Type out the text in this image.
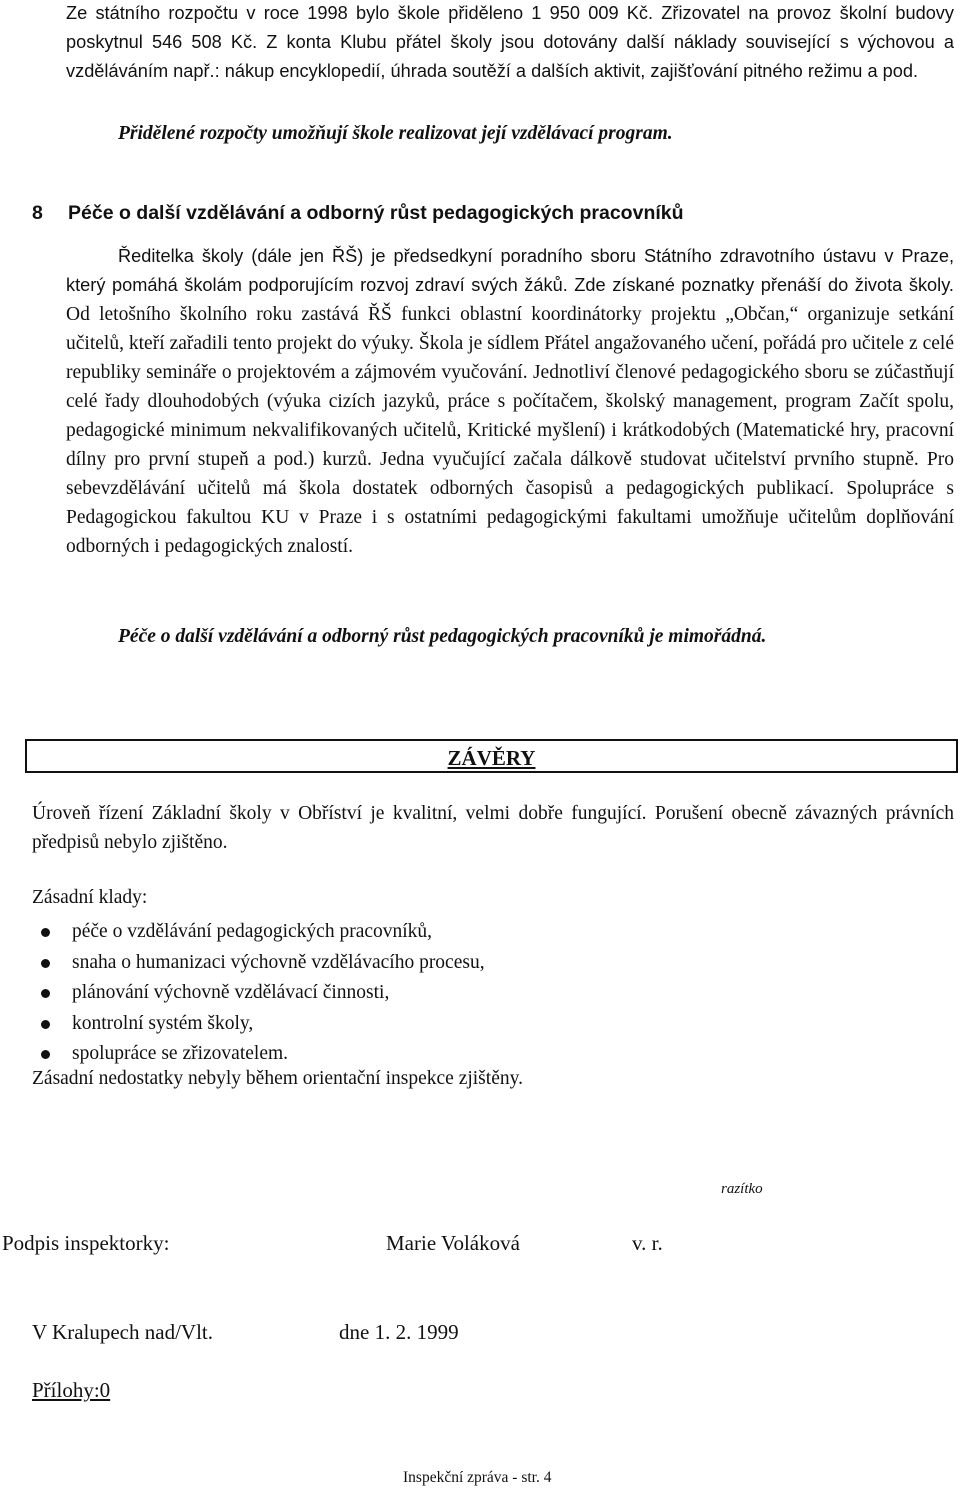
Ze státního rozpočtu v roce 1998 bylo škole přiděleno 1 950 009 Kč. Zřizovatel na provoz školní budovy poskytnul 546 508 Kč. Z konta Klubu přátel školy jsou dotovány další náklady související s výchovou a vzděláváním např.: nákup encyklopedií, úhrada soutěží a dalších aktivit, zajišťování pitného režimu a pod.

Přidělené rozpočty umožňují škole realizovat její vzdělávací program.

8 Péče o další vzdělávání a odborný růst pedagogických pracovníků
Ředitelka školy (dále jen ŘŠ) je předsedkyní poradního sboru Státního zdravotního ústavu v Praze, který pomáhá školám podporujícím rozvoj zdraví svých žáků. Zde získané poznatky přenáší do života školy. Od letošního školního roku zastává ŘŠ funkci oblastní koordinátorky projektu „Občan,“ organizuje setkání učitelů, kteří zařadili tento projekt do výuky. Škola je sídlem Přátel angažovaného učení, pořádá pro učitele z celé republiky semináře o projektovém a zájmovém vyučování. Jednotliví členové pedagogického sboru se zúčastňují celé řady dlouhodobých (výuka cizích jazyků, práce s počítačem, školský management, program Začít spolu, pedagogické minimum nekvalifikovaných učitelů, Kritické myšlení) i krátkodobých (Matematické hry, pracovní dílny pro první stupeň a pod.) kurzů. Jedna vyučující začala dálkově studovat učitelství prvního stupně. Pro sebevzdělávání učitelů má škola dostatek odborných časopisů a pedagogických publikací. Spolupráce s Pedagogickou fakultou KU v Praze i s ostatními pedagogickými fakultami umožňuje učitelům doplňování odborných i pedagogických znalostí.

Péče o další vzdělávání a odborný růst pedagogických pracovníků je mimořádná.

ZÁVĚRY

Úroveň řízení Základní školy v Obříství je kvalitní, velmi dobře fungující. Porušení obecně závazných právních předpisů nebylo zjištěno.

Zásadní klady:
péče o vzdělávání pedagogických pracovníků,
snaha o humanizaci výchovně vzdělávacího procesu,
plánování výchovně vzdělávací činnosti,
kontrolní systém školy,
spolupráce se zřizovatelem.
Zásadní nedostatky nebyly během orientační inspekce zjištěny.
razítko
Podpis inspektorky:	Marie Voláková	v. r.
V Kralupech nad/Vlt.	dne 1. 2. 1999
Přílohy:0
Inspekční zpráva - str. 4
